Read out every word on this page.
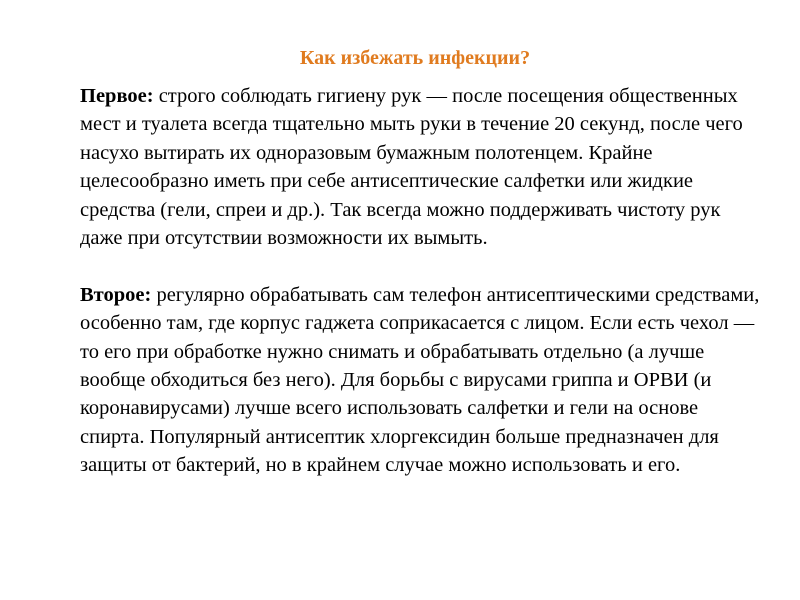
Как избежать инфекции?

Первое: строго соблюдать гигиену рук — после посещения общественных мест и туалета всегда тщательно мыть руки в течение 20 секунд, после чего насухо вытирать их одноразовым бумажным полотенцем. Крайне целесообразно иметь при себе антисептические салфетки или жидкие средства (гели, спреи и др.). Так всегда можно поддерживать чистоту рук даже при отсутствии возможности их вымыть.

Второе: регулярно обрабатывать сам телефон антисептическими средствами, особенно там, где корпус гаджета соприкасается с лицом. Если есть чехол — то его при обработке нужно снимать и обрабатывать отдельно (а лучше вообще обходиться без него). Для борьбы с вирусами гриппа и ОРВИ (и коронавирусами) лучше всего использовать салфетки и гели на основе спирта. Популярный антисептик хлоргексидин больше предназначен для защиты от бактерий, но в крайнем случае можно использовать и его.
